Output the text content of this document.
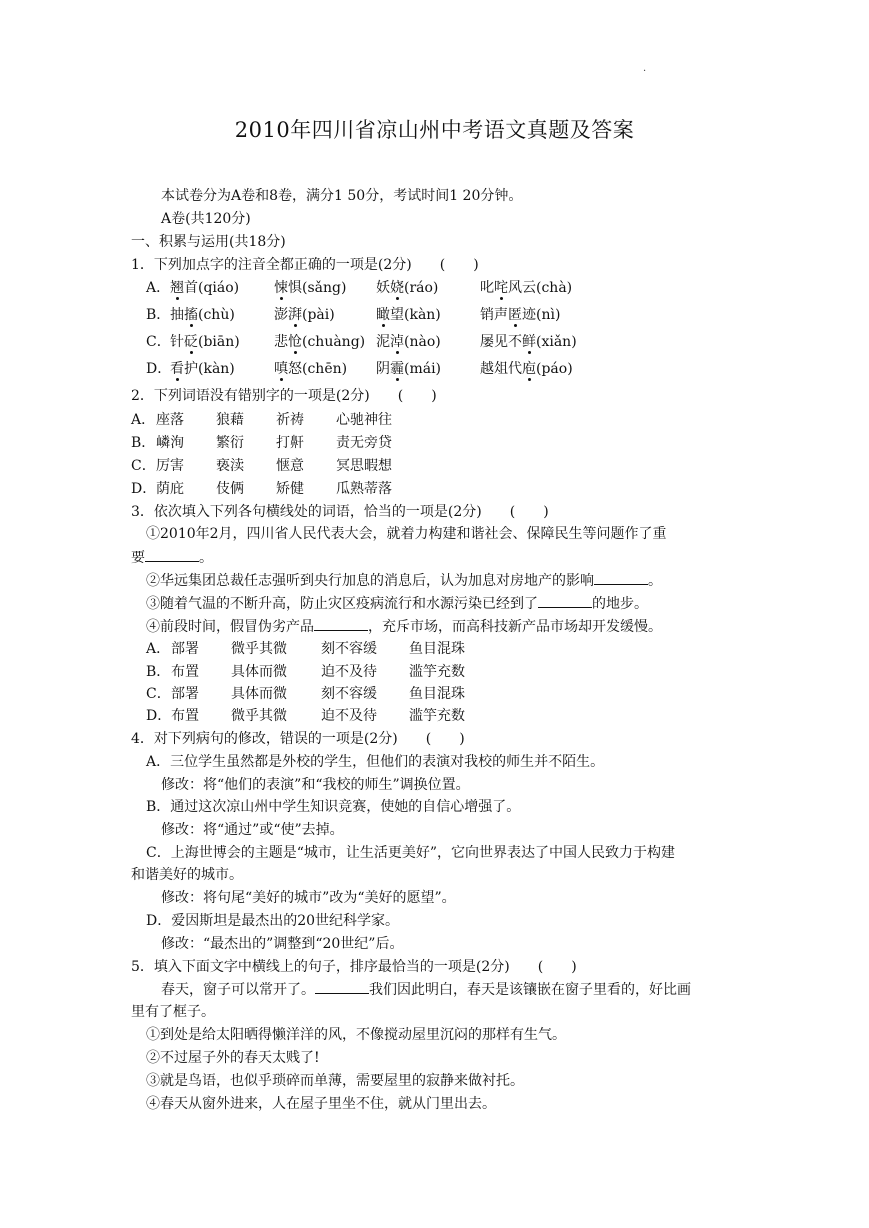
·
2010年四川省凉山州中考语文真题及答案
本试卷分为A卷和8卷，满分1 50分，考试时间1 20分钟。
A卷(共120分)
一、积累与运用(共18分)
1．下列加点字的注音全都正确的一项是(2分)　　(　　)
A．翘首(qiáo) 悚惧(sǎng) 妖娆(ráo)	叱咤风云(chà)
B．抽搐(chù)	澎湃(pài)	瞰望(kàn)	销声匿迹(nì)
C．针砭(biān) 悲怆(chuàng) 泥淖(nào)	屡见不鲜(xiǎn)
D．看护(kàn)	嗔怒(chēn) 阴霾(mái)	越俎代庖(páo)
2．下列词语没有错别字的一项是(2分)　　(　　)
A．座落 狼藉 祈祷 心驰神往
B．嶙洵 繁衍 打鼾 责无旁贷
C．厉害 亵渎 惬意 冥思暇想
D．荫庇 伎俩 矫健 瓜熟蒂落
3．依次填入下列各句横线处的词语，恰当的一项是(2分)　　(　　)
①2010年2月，四川省人民代表大会，就着力构建和谐社会、保障民生等问题作了重
要	。
②华远集团总裁任志强听到央行加息的消息后，认为加息对房地产的影响	。
③随着气温的不断升高，防止灾区疫病流行和水源污染已经到了	的地步。
④前段时间，假冒伪劣产品	，充斥市场，而高科技新产品市场却开发缓慢。
A．部署 微乎其微 刻不容缓 鱼目混珠
B．布置 具体而微 迫不及待 滥竽充数
C．部署 具体而微 刻不容缓 鱼目混珠
D．布置 微乎其微 迫不及待 滥竽充数
4．对下列病句的修改，错误的一项是(2分)　　(　　)
A．三位学生虽然都是外校的学生，但他们的表演对我校的师生并不陌生。
修改：将“他们的表演”和“我校的师生”调换位置。
B．通过这次凉山州中学生知识竞赛，使她的自信心增强了。
修改：将“通过”或“使”去掉。
C．上海世博会的主题是“城市，让生活更美好”，它向世界表达了中国人民致力于构建
和谐美好的城市。
修改：将句尾“美好的城市”改为“美好的愿望”。
D．爱因斯坦是最杰出的20世纪科学家。
修改：“最杰出的”调整到“20世纪”后。
5．填入下面文字中横线上的句子，排序最恰当的一项是(2分)　　(　　)
春天，窗子可以常开了。	我们因此明白，春天是该镶嵌在窗子里看的，好比画
里有了框子。
①到处是给太阳晒得懒洋洋的风，不像搅动屋里沉闷的那样有生气。
②不过屋子外的春天太贱了!
③就是鸟语，也似乎琐碎而单薄，需要屋里的寂静来做衬托。
④春天从窗外进来，人在屋子里坐不住，就从门里出去。
